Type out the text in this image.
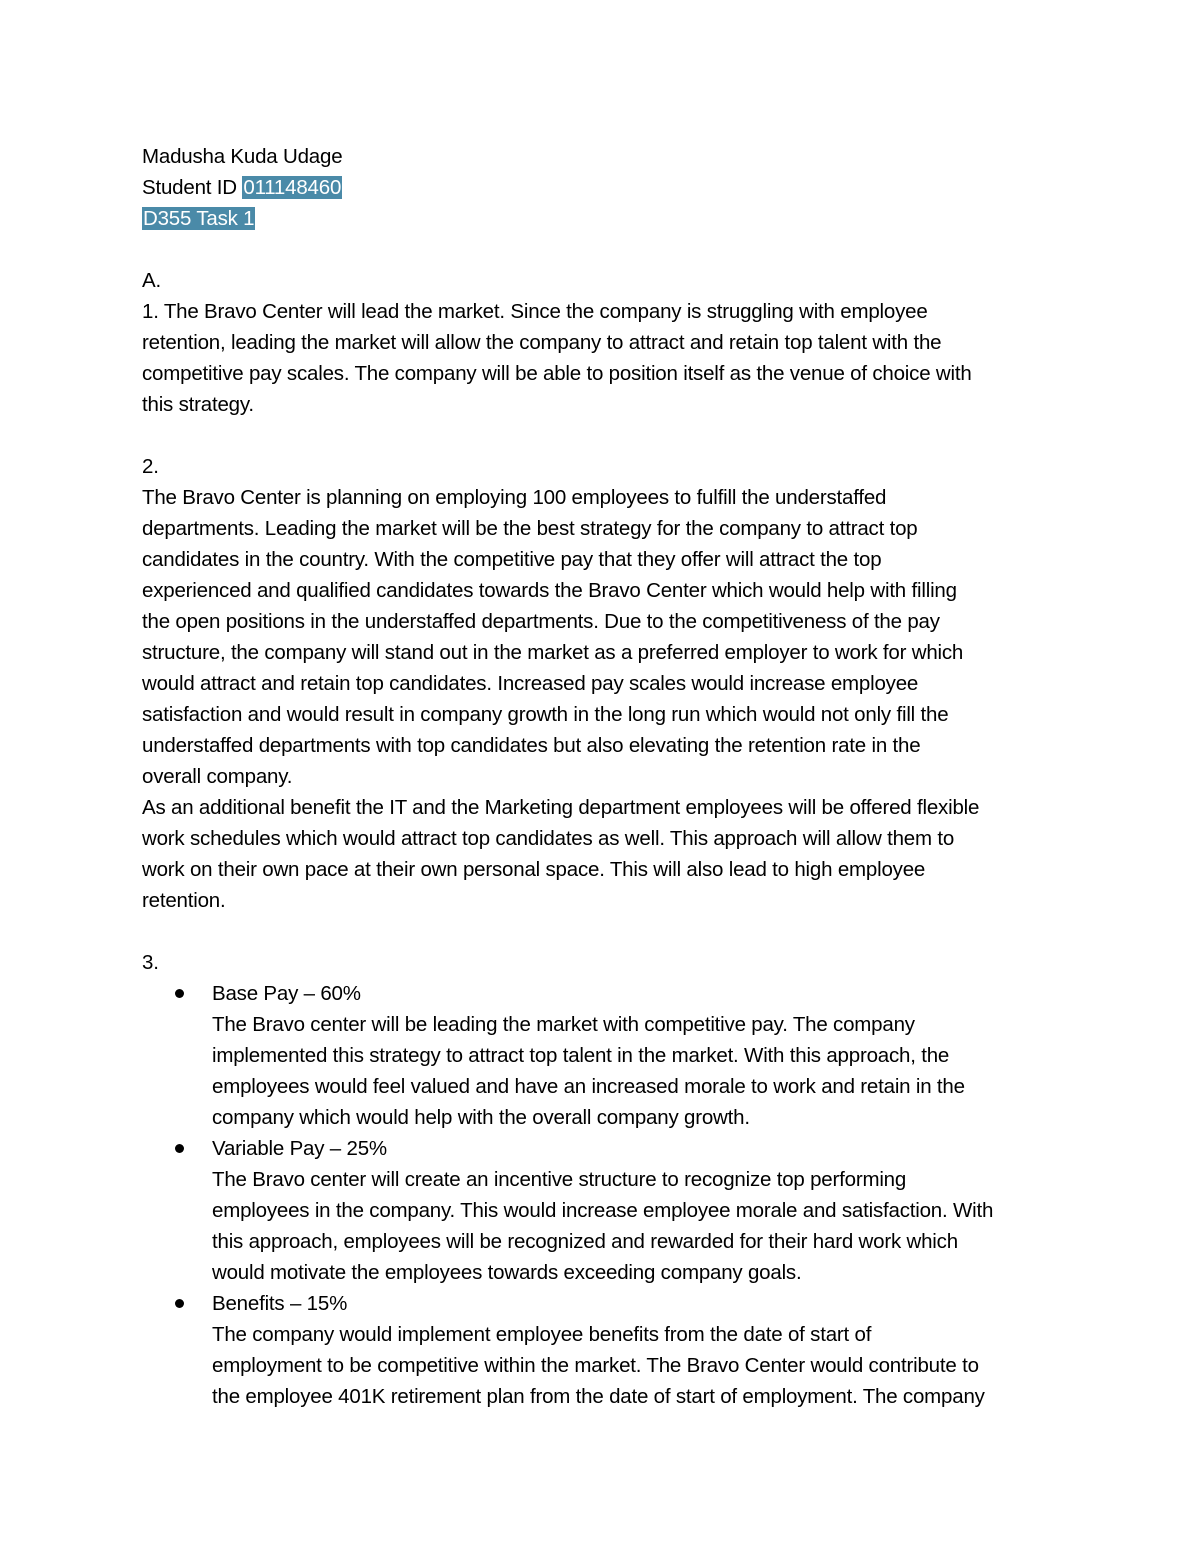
Madusha Kuda Udage
Student ID 011148460
D355 Task 1
A.
1. The Bravo Center will lead the market. Since the company is struggling with employee
retention, leading the market will allow the company to attract and retain top talent with the
competitive pay scales. The company will be able to position itself as the venue of choice with
this strategy.
2.
The Bravo Center is planning on employing 100 employees to fulfill the understaffed
departments. Leading the market will be the best strategy for the company to attract top
candidates in the country. With the competitive pay that they offer will attract the top
experienced and qualified candidates towards the Bravo Center which would help with filling
the open positions in the understaffed departments. Due to the competitiveness of the pay
structure, the company will stand out in the market as a preferred employer to work for which
would attract and retain top candidates. Increased pay scales would increase employee
satisfaction and would result in company growth in the long run which would not only fill the
understaffed departments with top candidates but also elevating the retention rate in the
overall company.
As an additional benefit the IT and the Marketing department employees will be offered flexible
work schedules which would attract top candidates as well. This approach will allow them to
work on their own pace at their own personal space. This will also lead to high employee
retention.
3.
Base Pay – 60%
The Bravo center will be leading the market with competitive pay. The company
implemented this strategy to attract top talent in the market. With this approach, the
employees would feel valued and have an increased morale to work and retain in the
company which would help with the overall company growth.
Variable Pay – 25%
The Bravo center will create an incentive structure to recognize top performing
employees in the company. This would increase employee morale and satisfaction. With
this approach, employees will be recognized and rewarded for their hard work which
would motivate the employees towards exceeding company goals.
Benefits – 15%
The company would implement employee benefits from the date of start of
employment to be competitive within the market. The Bravo Center would contribute to
the employee 401K retirement plan from the date of start of employment. The company
